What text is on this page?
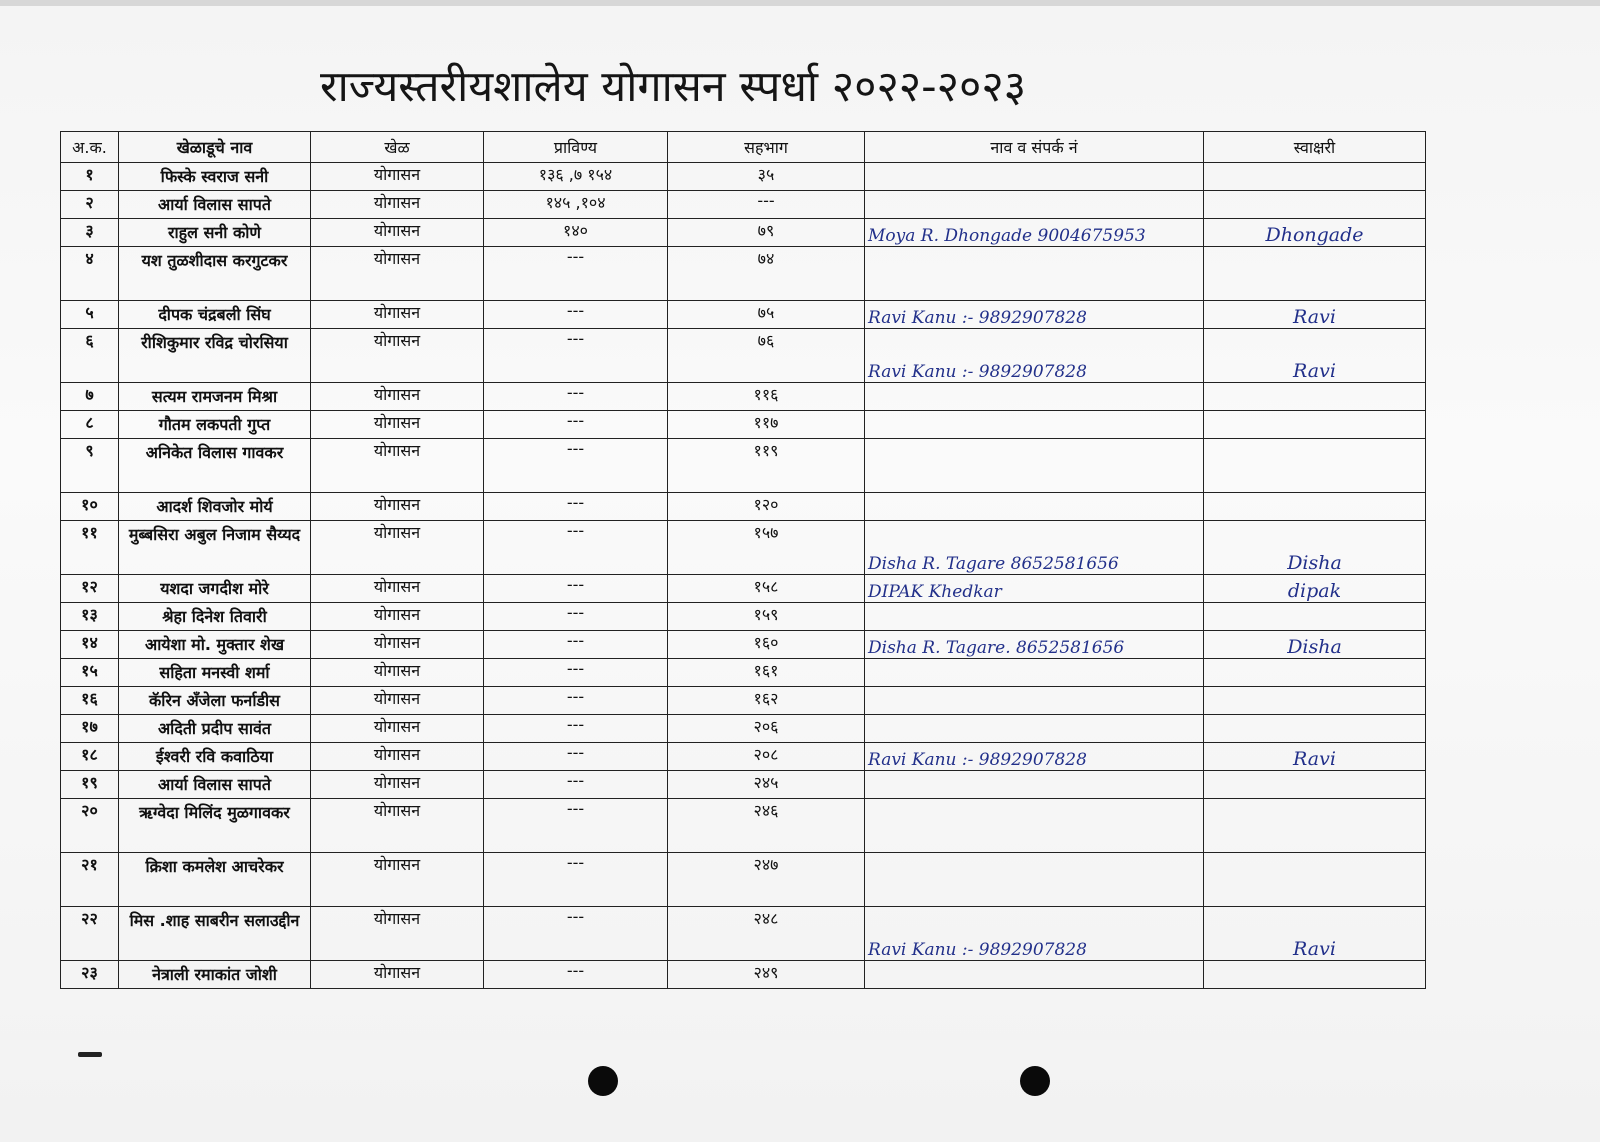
राज्यस्तरीयशालेय योगासन स्पर्धा २०२२-२०२३
अ.क.	खेळाडूचे नाव	खेळ	प्राविण्य	सहभाग	नाव व संपर्क नं	स्वाक्षरी
१	फिस्के स्वराज सनी	योगासन	१३६ ,७ १५४	३५		
२	आर्या विलास सापते	योगासन	१४५ ,१०४	---		
३	राहुल सनी कोणे	योगासन	१४०	७९	Moya R. Dhongade 9004675953	Dhongade
४	यश तुळशीदास करगुटकर	योगासन	---	७४		
५	दीपक चंद्रबली सिंघ	योगासन	---	७५	Ravi Kanu :- 9892907828	Ravi
६	रीशिकुमार रविद्र चोरसिया	योगासन	---	७६	Ravi Kanu :- 9892907828	Ravi
७	सत्यम रामजनम मिश्रा	योगासन	---	११६		
८	गौतम लकपती गुप्त	योगासन	---	११७		
९	अनिकेत विलास गावकर	योगासन	---	११९		
१०	आदर्श शिवजोर मोर्य	योगासन	---	१२०		
११	मुब्बसिरा अबुल निजाम सैय्यद	योगासन	---	१५७	Disha R. Tagare 8652581656	Disha
१२	यशदा जगदीश मोरे	योगासन	---	१५८	DIPAK Khedkar	dipak
१३	श्रेहा दिनेश तिवारी	योगासन	---	१५९		
१४	आयेशा मो. मुक्तार शेख	योगासन	---	१६०	Disha R. Tagare. 8652581656	Disha
१५	सहिता मनस्वी शर्मा	योगासन	---	१६१		
१६	कॅरिन अँजेला फर्नाडीस	योगासन	---	१६२		
१७	अदिती प्रदीप सावंत	योगासन	---	२०६		
१८	ईश्वरी रवि कवाठिया	योगासन	---	२०८	Ravi Kanu :- 9892907828	Ravi
१९	आर्या विलास सापते	योगासन	---	२४५		
२०	ऋग्वेदा मिलिंद मुळगावकर	योगासन	---	२४६		
२१	क्रिशा कमलेश आचरेकर	योगासन	---	२४७		
२२	मिस .शाह साबरीन सलाउद्दीन	योगासन	---	२४८	Ravi Kanu :- 9892907828	Ravi
२३	नेत्राली रमाकांत जोशी	योगासन	---	२४९		
